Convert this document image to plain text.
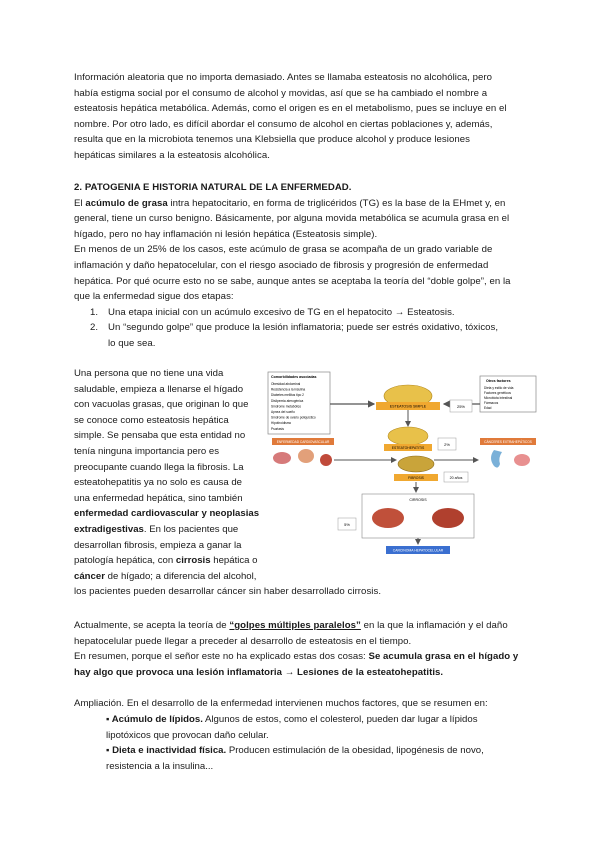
Información aleatoria que no importa demasiado. Antes se llamaba esteatosis no alcohólica, pero
había estigma social por el consumo de alcohol y movidas, así que se ha cambiado el nombre a
esteatosis hepática metabólica. Además, como el origen es en el metabolismo, pues se incluye en el
nombre. Por otro lado, es difícil abordar el consumo de alcohol en ciertas poblaciones y, además,
resulta que en la microbiota tenemos una Klebsiella que produce alcohol y produce lesiones
hepáticas similares a la esteatosis alcohólica.
2. PATOGENIA E HISTORIA NATURAL DE LA ENFERMEDAD.
El acúmulo de grasa intra hepatocitario, en forma de triglicéridos (TG) es la base de la EHmet y, en
general, tiene un curso benigno. Básicamente, por alguna movida metabólica se acumula grasa en el
hígado, pero no hay inflamación ni lesión hepática (Esteatosis simple).
En menos de un 25% de los casos, este acúmulo de grasa se acompaña de un grado variable de
inflamación y daño hepatocelular, con el riesgo asociado de fibrosis y progresión de enfermedad
hepática. Por qué ocurre esto no se sabe, aunque antes se aceptaba la teoría del “doble golpe”, en la
que la enfermedad sigue dos etapas:
1. Una etapa inicial con un acúmulo excesivo de TG en el hepatocito → Esteatosis.
2. Un “segundo golpe” que produce la lesión inflamatoria; puede ser estrés oxidativo, tóxicos,
lo que sea.
Una persona que no tiene una vida
saludable, empieza a llenarse el hígado
con vacuolas grasas, que originan lo que
se conoce como esteatosis hepática
simple. Se pensaba que esta entidad no
tenía ninguna importancia pero es
preocupante cuando llega la fibrosis. La
esteatohepatitis ya no solo es causa de
una enfermedad hepática, sino también
enfermedad cardiovascular y neoplasias
extradigestivas. En los pacientes que
desarrollan fibrosis, empieza a ganar la
patología hepática, con cirrosis hepática o
cáncer de hígado; a diferencia del alcohol,
los pacientes pueden desarrollar cáncer sin haber desarrollado cirrosis.
Comorbilidades asociadas
Obesidad abdominal
Resistencia a la insulina
Diabetes mellitus tipo 2
Dislipemia aterogénica
Síndrome metabólico
Apnea del sueño
Síndrome de ovario poliquístico
Hipotiroidismo
Psoriasis
Otros factores
Dieta y estilo de vida
Factores genéticos
Microbiota intestinal
Fármacos
Edad
ESTEATOSIS SIMPLE	25%
ENFERMEDAD CARDIOVASCULAR	CÁNCERES EXTRAHEPÁTICOS
ESTEATOHEPATITIS
2%
FIBROSIS	20 años
CIRROSIS
5%
CARCINOMA HEPATOCELULAR
Actualmente, se acepta la teoría de “golpes múltiples paralelos” en la que la inflamación y el daño
hepatocelular puede llegar a preceder al desarrollo de esteatosis en el tiempo.
En resumen, porque el señor este no ha explicado estas dos cosas: Se acumula grasa en el hígado y
hay algo que provoca una lesión inflamatoria → Lesiones de la esteatohepatitis.
Ampliación. En el desarrollo de la enfermedad intervienen muchos factores, que se resumen en:
▪ Acúmulo de lípidos. Algunos de estos, como el colesterol, pueden dar lugar a lípidos
lipotóxicos que provocan daño celular.
▪ Dieta e inactividad física. Producen estimulación de la obesidad, lipogénesis de novo,
resistencia a la insulina...
